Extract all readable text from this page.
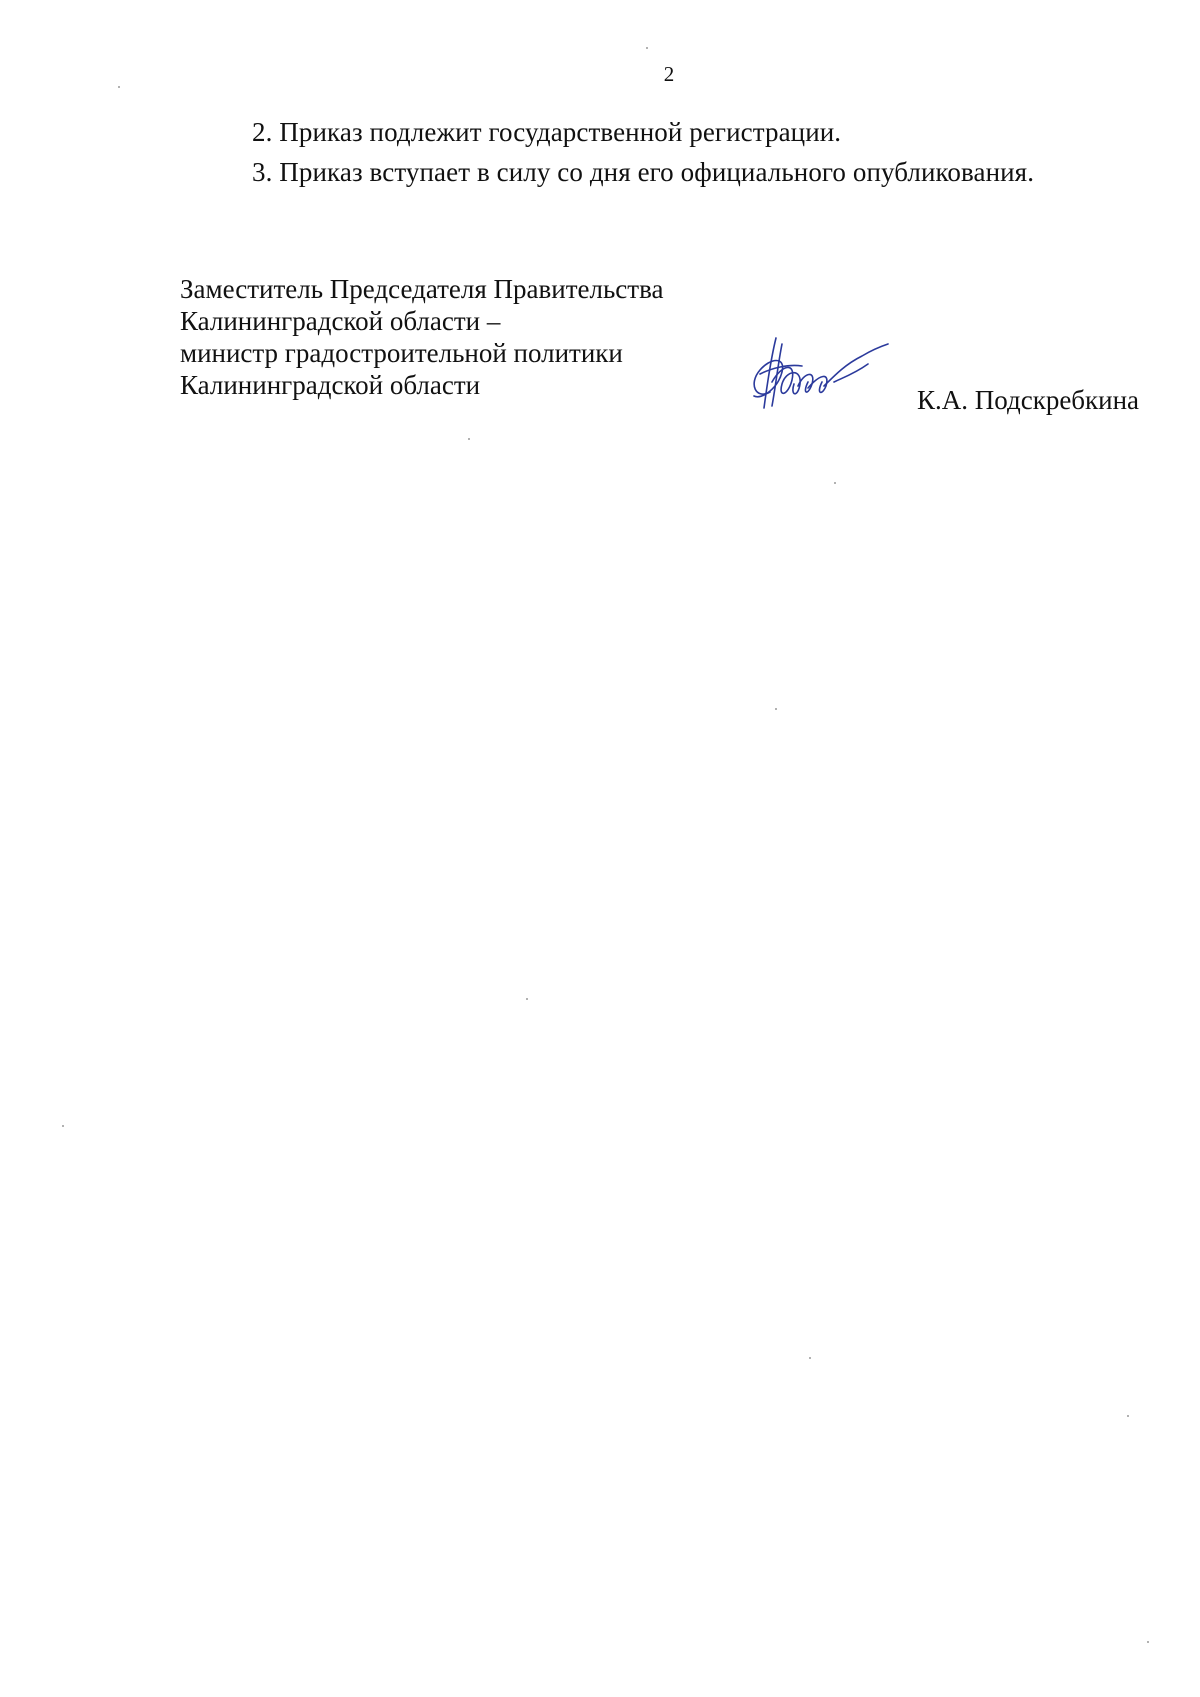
2
2. Приказ подлежит государственной регистрации.
3. Приказ вступает в силу со дня его официального опубликования.
Заместитель Председателя Правительства
Калининградской области –
министр градостроительной политики
Калининградской области	К.А. Подскребкина
